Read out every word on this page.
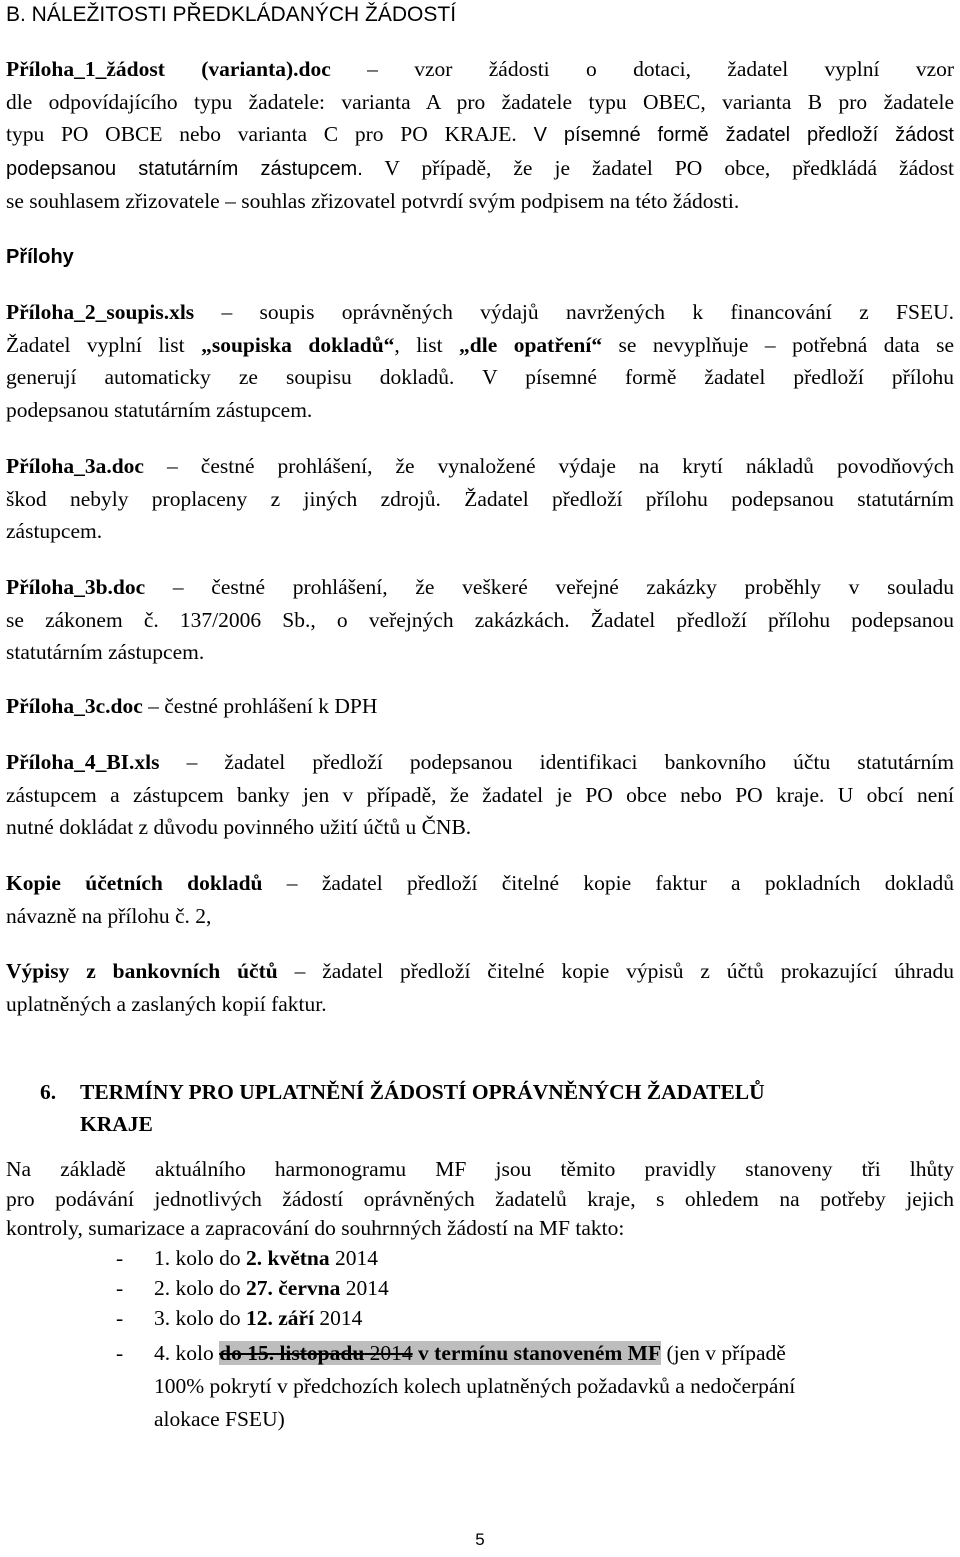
B. NÁLEŽITOSTI PŘEDKLÁDANÝCH ŽÁDOSTÍ
Příloha_1_žádost (varianta).doc – vzor žádosti o dotaci, žadatel vyplní vzor
dle odpovídajícího typu žadatele: varianta A pro žadatele typu OBEC, varianta B pro žadatele
typu PO OBCE nebo varianta C pro PO KRAJE. V písemné formě žadatel předloží žádost
podepsanou statutárním zástupcem. V případě, že je žadatel PO obce, předkládá žádost
se souhlasem zřizovatele – souhlas zřizovatel potvrdí svým podpisem na této žádosti.
Přílohy
Příloha_2_soupis.xls – soupis oprávněných výdajů navržených k financování z FSEU.
Žadatel vyplní list „soupiska dokladů“, list „dle opatření“ se nevyplňuje – potřebná data se
generují automaticky ze soupisu dokladů. V písemné formě žadatel předloží přílohu
podepsanou statutárním zástupcem.
Příloha_3a.doc – čestné prohlášení, že vynaložené výdaje na krytí nákladů povodňových
škod nebyly proplaceny z jiných zdrojů. Žadatel předloží přílohu podepsanou statutárním
zástupcem.
Příloha_3b.doc – čestné prohlášení, že veškeré veřejné zakázky proběhly v souladu
se zákonem č. 137/2006 Sb., o veřejných zakázkách. Žadatel předloží přílohu podepsanou
statutárním zástupcem.
Příloha_3c.doc – čestné prohlášení k DPH
Příloha_4_BI.xls – žadatel předloží podepsanou identifikaci bankovního účtu statutárním
zástupcem a zástupcem banky jen v případě, že žadatel je PO obce nebo PO kraje. U obcí není
nutné dokládat z důvodu povinného užití účtů u ČNB.
Kopie účetních dokladů – žadatel předloží čitelné kopie faktur a pokladních dokladů
návazně na přílohu č. 2,
Výpisy z bankovních účtů – žadatel předloží čitelné kopie výpisů z účtů prokazující úhradu
uplatněných a zaslaných kopií faktur.
6. TERMÍNY PRO UPLATNĚNÍ ŽÁDOSTÍ OPRÁVNĚNÝCH ŽADATELŮ
KRAJE
Na základě aktuálního harmonogramu MF jsou těmito pravidly stanoveny tři lhůty
pro podávání jednotlivých žádostí oprávněných žadatelů kraje, s ohledem na potřeby jejich
kontroly, sumarizace a zapracování do souhrnných žádostí na MF takto:
- 1. kolo do 2. května 2014
- 2. kolo do 27. června 2014
- 3. kolo do 12. září 2014
- 4. kolo do 15. listopadu 2014 v termínu stanoveném MF (jen v případě
100% pokrytí v předchozích kolech uplatněných požadavků a nedočerpání
alokace FSEU)
5
